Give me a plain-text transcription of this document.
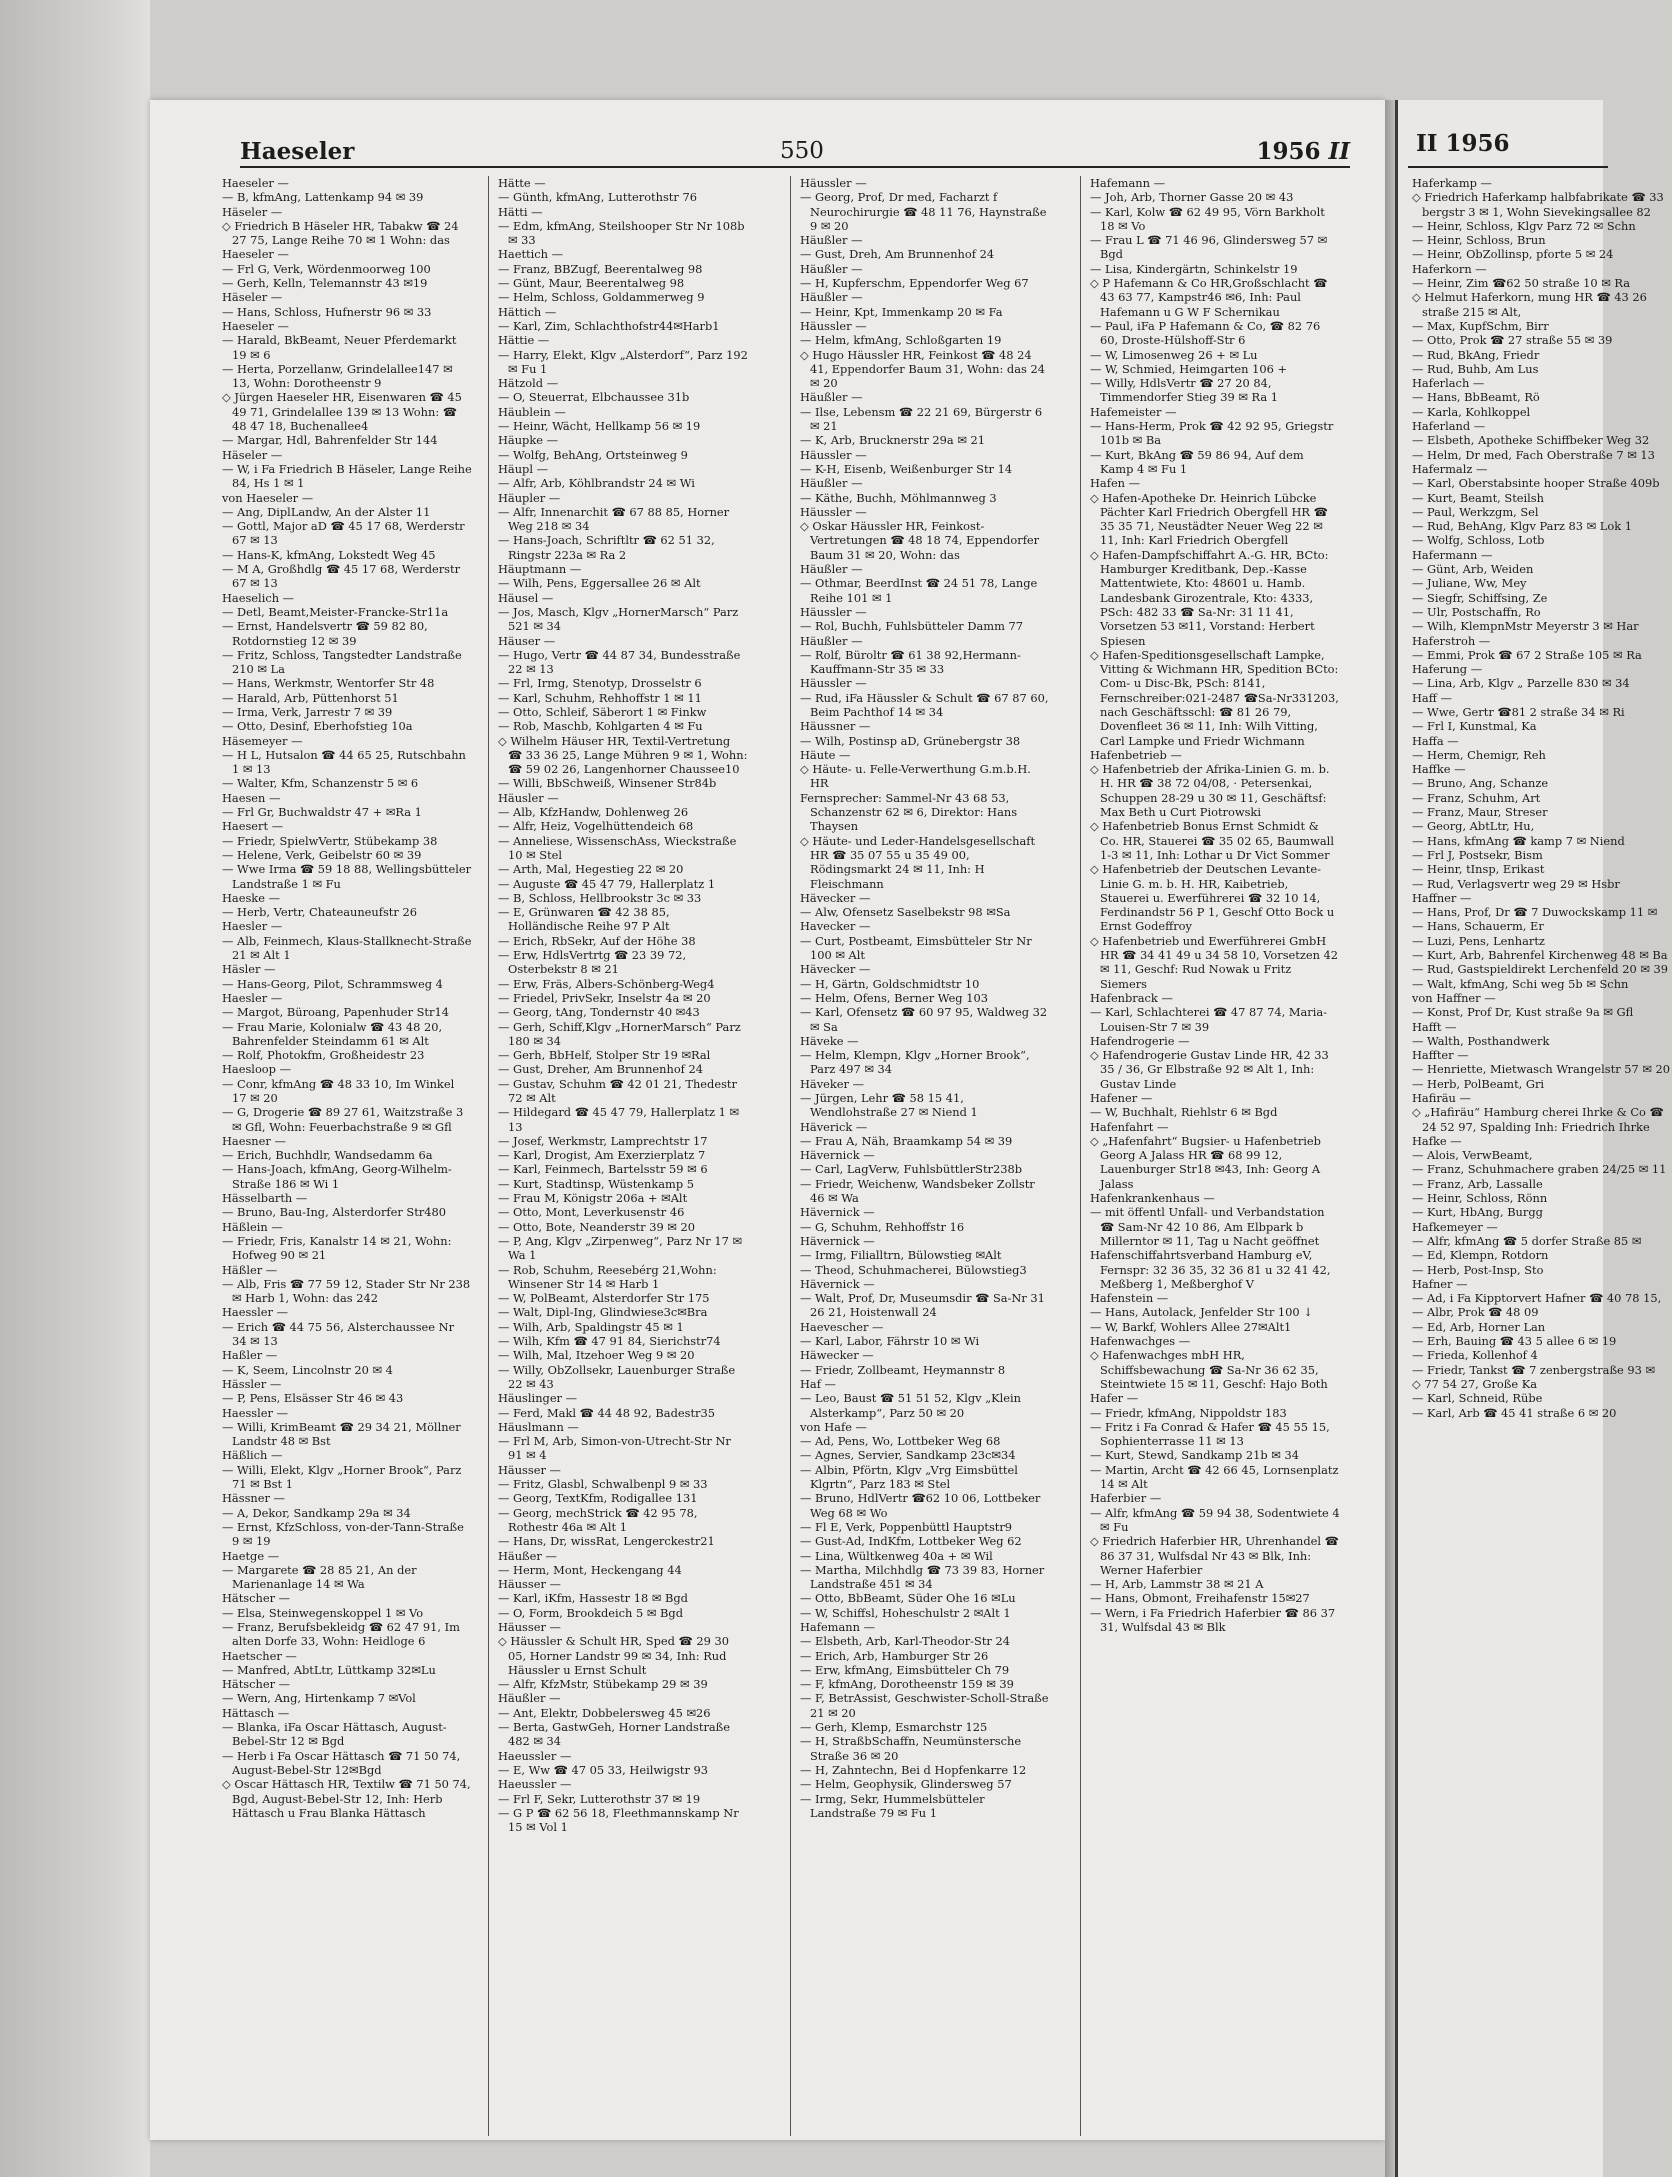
Haeseler	550	1956 II

Haeseler —

— B, kfmAng, Lattenkamp 94 ✉ 39

Häseler —

◇ Friedrich B Häseler HR, Tabakw ☎ 24 27 75, Lange Reihe 70 ✉ 1 Wohn: das

Haeseler —

— Frl G, Verk, Wördenmoorweg 100

— Gerh, Kelln, Telemannstr 43 ✉19

Häseler —

— Hans, Schloss, Hufnerstr 96 ✉ 33

Haeseler —

— Harald, BkBeamt, Neuer Pferdemarkt 19 ✉ 6

— Herta, Porzellanw, Grindelallee147 ✉ 13, Wohn: Dorotheenstr 9

◇ Jürgen Haeseler HR, Eisenwaren ☎ 45 49 71, Grindelallee 139 ✉ 13 Wohn: ☎ 48 47 18, Buchenallee4

— Margar, Hdl, Bahrenfelder Str 144

Häseler —

— W, i Fa Friedrich B Häseler, Lange Reihe 84, Hs 1 ✉ 1

von Haeseler —

— Ang, DiplLandw, An der Alster 11

— Gottl, Major aD ☎ 45 17 68, Werderstr 67 ✉ 13

— Hans-K, kfmAng, Lokstedt Weg 45

— M A, Großhdlg ☎ 45 17 68, Werderstr 67 ✉ 13

Haeselich —

— Detl, Beamt,Meister-Francke-Str11a

— Ernst, Handelsvertr ☎ 59 82 80, Rotdornstieg 12 ✉ 39

— Fritz, Schloss, Tangstedter Landstraße 210 ✉ La

— Hans, Werkmstr, Wentorfer Str 48

— Harald, Arb, Püttenhorst 51

— Irma, Verk, Jarrestr 7 ✉ 39

— Otto, Desinf, Eberhofstieg 10a

Häsemeyer —

— H L, Hutsalon ☎ 44 65 25, Rutschbahn 1 ✉ 13

— Walter, Kfm, Schanzenstr 5 ✉ 6

Haesen —

— Frl Gr, Buchwaldstr 47 + ✉Ra 1

Haesert —

— Friedr, SpielwVertr, Stübekamp 38

— Helene, Verk, Geibelstr 60 ✉ 39

— Wwe Irma ☎ 59 18 88, Wellingsbütteler Landstraße 1 ✉ Fu

Haeske —

— Herb, Vertr, Chateauneufstr 26

Haesler —

— Alb, Feinmech, Klaus-Stallknecht-Straße 21 ✉ Alt 1

Häsler —

— Hans-Georg, Pilot, Schrammsweg 4

Haesler —

— Margot, Büroang, Papenhuder Str14

— Frau Marie, Kolonialw ☎ 43 48 20, Bahrenfelder Steindamm 61 ✉ Alt

— Rolf, Photokfm, Großheidestr 23

Haesloop —

— Conr, kfmAng ☎ 48 33 10, Im Winkel 17 ✉ 20

— G, Drogerie ☎ 89 27 61, Waitzstraße 3 ✉ Gfl, Wohn: Feuerbachstraße 9 ✉ Gfl

Haesner —

— Erich, Buchhdlr, Wandsedamm 6a

— Hans-Joach, kfmAng, Georg-Wilhelm-Straße 186 ✉ Wi 1

Hässelbarth —

— Bruno, Bau-Ing, Alsterdorfer Str480

Häßlein —

— Friedr, Fris, Kanalstr 14 ✉ 21, Wohn: Hofweg 90 ✉ 21

Häßler —

— Alb, Fris ☎ 77 59 12, Stader Str Nr 238 ✉ Harb 1, Wohn: das 242

Haessler —

— Erich ☎ 44 75 56, Alsterchaussee Nr 34 ✉ 13

Haßler —

— K, Seem, Lincolnstr 20 ✉ 4

Hässler —

— P, Pens, Elsässer Str 46 ✉ 43

Haessler —

— Willi, KrimBeamt ☎ 29 34 21, Möllner Landstr 48 ✉ Bst

Häßlich —

— Willi, Elekt, Klgv „Horner Brook“, Parz 71 ✉ Bst 1

Hässner —

— A, Dekor, Sandkamp 29a ✉ 34

— Ernst, KfzSchloss, von-der-Tann-Straße 9 ✉ 19

Haetge —

— Margarete ☎ 28 85 21, An der Marienanlage 14 ✉ Wa

Hätscher —

— Elsa, Steinwegenskoppel 1 ✉ Vo

— Franz, Berufsbekleidg ☎ 62 47 91, Im alten Dorfe 33, Wohn: Heidloge 6

Haetscher —

— Manfred, AbtLtr, Lüttkamp 32✉Lu

Hätscher —

— Wern, Ang, Hirtenkamp 7 ✉Vol

Hättasch —

— Blanka, iFa Oscar Hättasch, August-Bebel-Str 12 ✉ Bgd

— Herb i Fa Oscar Hättasch ☎ 71 50 74, August-Bebel-Str 12✉Bgd

◇ Oscar Hättasch HR, Textilw ☎ 71 50 74, Bgd, August-Bebel-Str 12, Inh: Herb Hättasch u Frau Blanka Hättasch

Hätte —

— Günth, kfmAng, Lutterothstr 76

Hätti —

— Edm, kfmAng, Steilshooper Str Nr 108b ✉ 33

Haettich —

— Franz, BBZugf, Beerentalweg 98

— Günt, Maur, Beerentalweg 98

— Helm, Schloss, Goldammerweg 9

Hättich —

— Karl, Zim, Schlachthofstr44✉Harb1

Hättie —

— Harry, Elekt, Klgv „Alsterdorf“, Parz 192 ✉ Fu 1

Hätzold —

— O, Steuerrat, Elbchaussee 31b

Häublein —

— Heinr, Wächt, Hellkamp 56 ✉ 19

Häupke —

— Wolfg, BehAng, Ortsteinweg 9

Häupl —

— Alfr, Arb, Köhlbrandstr 24 ✉ Wi

Häupler —

— Alfr, Innenarchit ☎ 67 88 85, Horner Weg 218 ✉ 34

— Hans-Joach, Schriftltr ☎ 62 51 32, Ringstr 223a ✉ Ra 2

Häuptmann —

— Wilh, Pens, Eggersallee 26 ✉ Alt

Häusel —

— Jos, Masch, Klgv „HornerMarsch“ Parz 521 ✉ 34

Häuser —

— Hugo, Vertr ☎ 44 87 34, Bundesstraße 22 ✉ 13

— Frl, Irmg, Stenotyp, Drosselstr 6

— Karl, Schuhm, Rehhoffstr 1 ✉ 11

— Otto, Schleif, Säberort 1 ✉ Finkw

— Rob, Maschb, Kohlgarten 4 ✉ Fu

◇ Wilhelm Häuser HR, Textil-Vertretung ☎ 33 36 25, Lange Mühren 9 ✉ 1, Wohn: ☎ 59 02 26, Langenhorner Chaussee10

— Willi, BbSchweiß, Winsener Str84b

Häusler —

— Alb, KfzHandw, Dohlenweg 26

— Alfr, Heiz, Vogelhüttendeich 68

— Anneliese, WissenschAss, Wieckstraße 10 ✉ Stel

— Arth, Mal, Hegestieg 22 ✉ 20

— Auguste ☎ 45 47 79, Hallerplatz 1

— B, Schloss, Hellbrookstr 3c ✉ 33

— E, Grünwaren ☎ 42 38 85, Holländische Reihe 97 P Alt

— Erich, RbSekr, Auf der Höhe 38

— Erw, HdlsVertrtg ☎ 23 39 72, Osterbekstr 8 ✉ 21

— Erw, Fräs, Albers-Schönberg-Weg4

— Friedel, PrivSekr, Inselstr 4a ✉ 20

— Georg, tAng, Tondernstr 40 ✉43

— Gerh, Schiff,Klgv „HornerMarsch“ Parz 180 ✉ 34

— Gerh, BbHelf, Stolper Str 19 ✉Ral

— Gust, Dreher, Am Brunnenhof 24

— Gustav, Schuhm ☎ 42 01 21, Thedestr 72 ✉ Alt

— Hildegard ☎ 45 47 79, Hallerplatz 1 ✉ 13

— Josef, Werkmstr, Lamprechtstr 17

— Karl, Drogist, Am Exerzierplatz 7

— Karl, Feinmech, Bartelsstr 59 ✉ 6

— Kurt, Stadtinsp, Wüstenkamp 5

— Frau M, Königstr 206a + ✉Alt

— Otto, Mont, Leverkusenstr 46

— Otto, Bote, Neanderstr 39 ✉ 20

— P, Ang, Klgv „Zirpenweg“, Parz Nr 17 ✉ Wa 1

— Rob, Schuhm, Reesebérg 21,Wohn: Winsener Str 14 ✉ Harb 1

— W, PolBeamt, Alsterdorfer Str 175

— Walt, Dipl-Ing, Glindwiese3c✉Bra

— Wilh, Arb, Spaldingstr 45 ✉ 1

— Wilh, Kfm ☎ 47 91 84, Sierichstr74

— Wilh, Mal, Itzehoer Weg 9 ✉ 20

— Willy, ObZollsekr, Lauenburger Straße 22 ✉ 43

Häuslinger —

— Ferd, Makl ☎ 44 48 92, Badestr35

Häuslmann —

— Frl M, Arb, Simon-von-Utrecht-Str Nr 91 ✉ 4

Häusser —

— Fritz, Glasbl, Schwalbenpl 9 ✉ 33

— Georg, TextKfm, Rodigallee 131

— Georg, mechStrick ☎ 42 95 78, Rothestr 46a ✉ Alt 1

— Hans, Dr, wissRat, Lengerckestr21

Häußer —

— Herm, Mont, Heckengang 44

Häusser —

— Karl, iKfm, Hassestr 18 ✉ Bgd

— O, Form, Brookdeich 5 ✉ Bgd

Häusser —

◇ Häussler & Schult HR, Sped ☎ 29 30 05, Horner Landstr 99 ✉ 34, Inh: Rud Häussler u Ernst Schult

— Alfr, KfzMstr, Stübekamp 29 ✉ 39

Häußler —

— Ant, Elektr, Dobbelersweg 45 ✉26

— Berta, GastwGeh, Horner Landstraße 482 ✉ 34

Haeussler —

— E, Ww ☎ 47 05 33, Heilwigstr 93

Haeussler —

— Frl F, Sekr, Lutterothstr 37 ✉ 19

— G P ☎ 62 56 18, Fleethmannskamp Nr 15 ✉ Vol 1

Häussler —

— Georg, Prof, Dr med, Facharzt f Neurochirurgie ☎ 48 11 76, Haynstraße 9 ✉ 20

Häußler —

— Gust, Dreh, Am Brunnenhof 24

Häußler —

— H, Kupferschm, Eppendorfer Weg 67

Häußler —

— Heinr, Kpt, Immenkamp 20 ✉ Fa

Häussler —

— Helm, kfmAng, Schloßgarten 19

◇ Hugo Häussler HR, Feinkost ☎ 48 24 41, Eppendorfer Baum 31, Wohn: das 24 ✉ 20

Häußler —

— Ilse, Lebensm ☎ 22 21 69, Bürgerstr 6 ✉ 21

— K, Arb, Brucknerstr 29a ✉ 21

Häussler —

— K-H, Eisenb, Weißenburger Str 14

Häußler —

— Käthe, Buchh, Möhlmannweg 3

Häussler —

◇ Oskar Häussler HR, Feinkost-Vertretungen ☎ 48 18 74, Eppendorfer Baum 31 ✉ 20, Wohn: das

Häußler —

— Othmar, BeerdInst ☎ 24 51 78, Lange Reihe 101 ✉ 1

Häussler —

— Rol, Buchh, Fuhlsbütteler Damm 77

Häußler —

— Rolf, Büroltr ☎ 61 38 92,Hermann-Kauffmann-Str 35 ✉ 33

Häussler —

— Rud, iFa Häussler & Schult ☎ 67 87 60, Beim Pachthof 14 ✉ 34

Häussner —

— Wilh, Postinsp aD, Grünebergstr 38

Häute —

◇ Häute- u. Felle-Verwerthung G.m.b.H. HR

Fernsprecher: Sammel-Nr 43 68 53, Schanzenstr 62 ✉ 6, Direktor: Hans Thaysen

◇ Häute- und Leder-Handelsgesellschaft HR ☎ 35 07 55 u 35 49 00, Rödingsmarkt 24 ✉ 11, Inh: H Fleischmann

Hävecker —

— Alw, Ofensetz Saselbekstr 98 ✉Sa

Havecker —

— Curt, Postbeamt, Eimsbütteler Str Nr 100 ✉ Alt

Hävecker —

— H, Gärtn, Goldschmidtstr 10

— Helm, Ofens, Berner Weg 103

— Karl, Ofensetz ☎ 60 97 95, Waldweg 32 ✉ Sa

Häveke —

— Helm, Klempn, Klgv „Horner Brook“, Parz 497 ✉ 34

Häveker —

— Jürgen, Lehr ☎ 58 15 41, Wendlohstraße 27 ✉ Niend 1

Häverick —

— Frau A, Näh, Braamkamp 54 ✉ 39

Hävernick —

— Carl, LagVerw, FuhlsbüttlerStr238b

— Friedr, Weichenw, Wandsbeker Zollstr 46 ✉ Wa

Hävernick —

— G, Schuhm, Rehhoffstr 16

Hävernick —

— Irmg, Filialltrn, Bülowstieg ✉Alt

— Theod, Schuhmacherei, Bülowstieg3

Hävernick —

— Walt, Prof, Dr, Museumsdir ☎ Sa-Nr 31 26 21, Hoistenwall 24

Haevescher —

— Karl, Labor, Fährstr 10 ✉ Wi

Häwecker —

— Friedr, Zollbeamt, Heymannstr 8

Haf —

— Leo, Baust ☎ 51 51 52, Klgv „Klein Alsterkamp“, Parz 50 ✉ 20

von Hafe —

— Ad, Pens, Wo, Lottbeker Weg 68

— Agnes, Servier, Sandkamp 23c✉34

— Albin, Pförtn, Klgv „Vrg Eimsbüttel Klgrtn“, Parz 183 ✉ Stel

— Bruno, HdlVertr ☎62 10 06, Lottbeker Weg 68 ✉ Wo

— Fl E, Verk, Poppenbüttl Hauptstr9

— Gust-Ad, IndKfm, Lottbeker Weg 62

— Lina, Wültkenweg 40a + ✉ Wil

— Martha, Milchhdlg ☎ 73 39 83, Horner Landstraße 451 ✉ 34

— Otto, BbBeamt, Süder Ohe 16 ✉Lu

— W, Schiffsl, Hoheschulstr 2 ✉Alt 1

Hafemann —

— Elsbeth, Arb, Karl-Theodor-Str 24

— Erich, Arb, Hamburger Str 26

— Erw, kfmAng, Eimsbütteler Ch 79

— F, kfmAng, Dorotheenstr 159 ✉ 39

— F, BetrAssist, Geschwister-Scholl-Straße 21 ✉ 20

— Gerh, Klemp, Esmarchstr 125

— H, StraßbSchaffn, Neumünstersche Straße 36 ✉ 20

— H, Zahntechn, Bei d Hopfenkarre 12

— Helm, Geophysik, Glindersweg 57

— Irmg, Sekr, Hummelsbütteler Landstraße 79 ✉ Fu 1

Hafemann —

— Joh, Arb, Thorner Gasse 20 ✉ 43

— Karl, Kolw ☎ 62 49 95, Vörn Barkholt 18 ✉ Vo

— Frau L ☎ 71 46 96, Glindersweg 57 ✉ Bgd

— Lisa, Kindergärtn, Schinkelstr 19

◇ P Hafemann & Co HR,Großschlacht ☎ 43 63 77, Kampstr46 ✉6, Inh: Paul Hafemann u G W F Schernikau

— Paul, iFa P Hafemann & Co, ☎ 82 76 60, Droste-Hülshoff-Str 6

— W, Limosenweg 26 + ✉ Lu

— W, Schmied, Heimgarten 106 +

— Willy, HdlsVertr ☎ 27 20 84, Timmendorfer Stieg 39 ✉ Ra 1

Hafemeister —

— Hans-Herm, Prok ☎ 42 92 95, Griegstr 101b ✉ Ba

— Kurt, BkAng ☎ 59 86 94, Auf dem Kamp 4 ✉ Fu 1

Hafen —

◇ Hafen-Apotheke Dr. Heinrich Lübcke Pächter Karl Friedrich Obergfell HR ☎ 35 35 71, Neustädter Neuer Weg 22 ✉ 11, Inh: Karl Friedrich Obergfell

◇ Hafen-Dampfschiffahrt A.-G. HR, BCto: Hamburger Kreditbank, Dep.-Kasse Mattentwiete, Kto: 48601 u. Hamb. Landesbank Girozentrale, Kto: 4333, PSch: 482 33 ☎ Sa-Nr: 31 11 41, Vorsetzen 53 ✉11, Vorstand: Herbert Spiesen

◇ Hafen-Speditionsgesellschaft Lampke, Vitting & Wichmann HR, Spedition BCto: Com- u Disc-Bk, PSch: 8141, Fernschreiber:021-2487 ☎Sa-Nr331203, nach Geschäftsschl: ☎ 81 26 79, Dovenfleet 36 ✉ 11, Inh: Wilh Vitting, Carl Lampke und Friedr Wichmann

Hafenbetrieb —

◇ Hafenbetrieb der Afrika-Linien G. m. b. H. HR ☎ 38 72 04/08, · Petersenkai, Schuppen 28-29 u 30 ✉ 11, Geschäftsf: Max Beth u Curt Piotrowski

◇ Hafenbetrieb Bonus Ernst Schmidt & Co. HR, Stauerei ☎ 35 02 65, Baumwall 1-3 ✉ 11, Inh: Lothar u Dr Vict Sommer

◇ Hafenbetrieb der Deutschen Levante-Linie G. m. b. H. HR, Kaibetrieb, Stauerei u. Ewerführerei ☎ 32 10 14, Ferdinandstr 56 P 1, Geschf Otto Bock u Ernst Godeffroy

◇ Hafenbetrieb und Ewerführerei GmbH HR ☎ 34 41 49 u 34 58 10, Vorsetzen 42 ✉ 11, Geschf: Rud Nowak u Fritz Siemers

Hafenbrack —

— Karl, Schlachterei ☎ 47 87 74, Maria-Louisen-Str 7 ✉ 39

Hafendrogerie —

◇ Hafendrogerie Gustav Linde HR, 42 33 35 / 36, Gr Elbstraße 92 ✉ Alt 1, Inh: Gustav Linde

Hafener —

— W, Buchhalt, Riehlstr 6 ✉ Bgd

Hafenfahrt —

◇ „Hafenfahrt“ Bugsier- u Hafenbetrieb Georg A Jalass HR ☎ 68 99 12, Lauenburger Str18 ✉43, Inh: Georg A Jalass

Hafenkrankenhaus —

— mit öffentl Unfall- und Verbandstation ☎ Sam-Nr 42 10 86, Am Elbpark b Millerntor ✉ 11, Tag u Nacht geöffnet

Hafenschiffahrtsverband Hamburg eV, Fernspr: 32 36 35, 32 36 81 u 32 41 42, Meßberg 1, Meßberghof V

Hafenstein —

— Hans, Autolack, Jenfelder Str 100 ↓

— W, Barkf, Wohlers Allee 27✉Alt1

Hafenwachges —

◇ Hafenwachges mbH HR, Schiffsbewachung ☎ Sa-Nr 36 62 35, Steintwiete 15 ✉ 11, Geschf: Hajo Both

Hafer —

— Friedr, kfmAng, Nippoldstr 183

— Fritz i Fa Conrad & Hafer ☎ 45 55 15, Sophienterrasse 11 ✉ 13

— Kurt, Stewd, Sandkamp 21b ✉ 34

— Martin, Archt ☎ 42 66 45, Lornsenplatz 14 ✉ Alt

Haferbier —

— Alfr, kfmAng ☎ 59 94 38, Sodentwiete 4 ✉ Fu

◇ Friedrich Haferbier HR, Uhrenhandel ☎ 86 37 31, Wulfsdal Nr 43 ✉ Blk, Inh: Werner Haferbier

— H, Arb, Lammstr 38 ✉ 21 A

— Hans, Obmont, Freihafenstr 15✉27

— Wern, i Fa Friedrich Haferbier ☎ 86 37 31, Wulfsdal 43 ✉ Blk

II 1956

Haferkamp —

◇ Friedrich Haferkamp halbfabrikate ☎ 33 bergstr 3 ✉ 1, Wohn Sievekingsallee 82

— Heinr, Schloss, Klgv Parz 72 ✉ Schn

— Heinr, Schloss, Brun

— Heinr, ObZollinsp, pforte 5 ✉ 24

Haferkorn —

— Heinr, Zim ☎62 50 straße 10 ✉ Ra

◇ Helmut Haferkorn, mung HR ☎ 43 26 straße 215 ✉ Alt,

— Max, KupfSchm, Birr

— Otto, Prok ☎ 27 straße 55 ✉ 39

— Rud, BkAng, Friedr

— Rud, Buhb, Am Lus

Haferlach —

— Hans, BbBeamt, Rö

— Karla, Kohlkoppel

Haferland —

— Elsbeth, Apotheke Schiffbeker Weg 32

— Helm, Dr med, Fach Oberstraße 7 ✉ 13

Hafermalz —

— Karl, Oberstabsinte hooper Straße 409b

— Kurt, Beamt, Steilsh

— Paul, Werkzgm, Sel

— Rud, BehAng, Klgv Parz 83 ✉ Lok 1

— Wolfg, Schloss, Lotb

Hafermann —

— Günt, Arb, Weiden

— Juliane, Ww, Mey

— Siegfr, Schiffsing, Ze

— Ulr, Postschaffn, Ro

— Wilh, KlempnMstr Meyerstr 3 ✉ Har

Haferstroh —

— Emmi, Prok ☎ 67 2 Straße 105 ✉ Ra

Haferung —

— Lina, Arb, Klgv „ Parzelle 830 ✉ 34

Haff —

— Wwe, Gertr ☎81 2 straße 34 ✉ Ri

— Frl I, Kunstmal, Ka

Haffa —

— Herm, Chemigr, Reh

Haffke —

— Bruno, Ang, Schanze

— Franz, Schuhm, Art

— Franz, Maur, Streser

— Georg, AbtLtr, Hu,

— Hans, kfmAng ☎ kamp 7 ✉ Niend

— Frl J, Postsekr, Bism

— Heinr, tInsp, Erikast

— Rud, Verlagsvertr weg 29 ✉ Hsbr

Haffner —

— Hans, Prof, Dr ☎ 7 Duwockskamp 11 ✉

— Hans, Schauerm, Er

— Luzi, Pens, Lenhartz

— Kurt, Arb, Bahrenfel Kirchenweg 48 ✉ Ba

— Rud, Gastspieldirekt Lerchenfeld 20 ✉ 39

— Walt, kfmAng, Schi weg 5b ✉ Schn

von Haffner —

— Konst, Prof Dr, Kust straße 9a ✉ Gfl

Hafft —

— Walth, Posthandwerk

Haffter —

— Henriette, Mietwasch Wrangelstr 57 ✉ 20

— Herb, PolBeamt, Gri

Hafiräu —

◇ „Hafiräu“ Hamburg cherei Ihrke & Co ☎ 24 52 97, Spalding Inh: Friedrich Ihrke

Hafke —

— Alois, VerwBeamt,

— Franz, Schuhmachere graben 24/25 ✉ 11

— Franz, Arb, Lassalle

— Heinr, Schloss, Rönn

— Kurt, HbAng, Burgg

Hafkemeyer —

— Alfr, kfmAng ☎ 5 dorfer Straße 85 ✉

— Ed, Klempn, Rotdorn

— Herb, Post-Insp, Sto

Hafner —

— Ad, i Fa Kipptorvert Hafner ☎ 40 78 15,

— Albr, Prok ☎ 48 09

— Ed, Arb, Horner Lan

— Erh, Bauing ☎ 43 5 allee 6 ✉ 19

— Frieda, Kollenhof 4

— Friedr, Tankst ☎ 7 zenbergstraße 93 ✉

◇ 77 54 27, Große Ka

— Karl, Schneid, Rübe

— Karl, Arb ☎ 45 41 straße 6 ✉ 20
